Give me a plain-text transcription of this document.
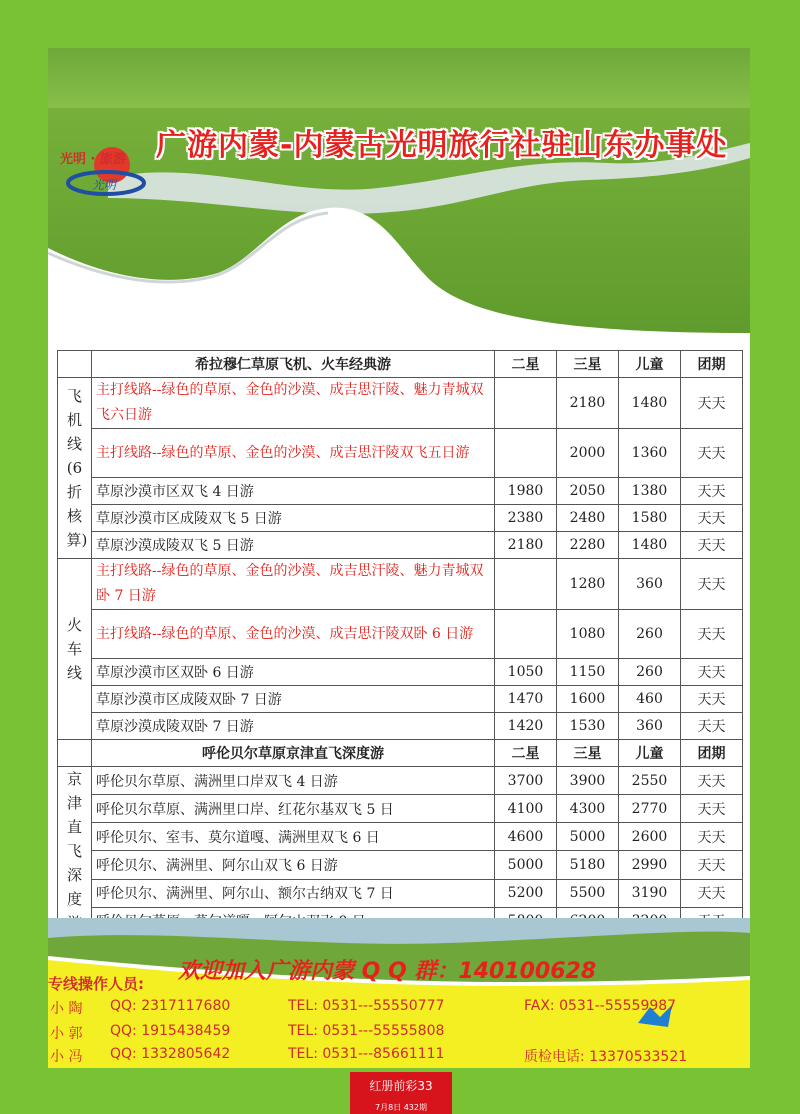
光明
光明 · 旅游 广游内蒙-内蒙古光明旅行社驻山东办事处
	希拉穆仁草原飞机、火车经典游	二星	三星	儿童	团期

飞机线(6折核算)	主打线路--绿色的草原、金色的沙漠、成吉思汗陵、魅力青城双飞六日游		2180	1480	天天
	主打线路--绿色的草原、金色的沙漠、成吉思汗陵双飞五日游		2000	1360	天天
	草原沙漠市区双飞 4 日游	1980	2050	1380	天天
	草原沙漠市区成陵双飞 5 日游	2380	2480	1580	天天
	草原沙漠成陵双飞 5 日游	2180	2280	1480	天天

火车线	主打线路--绿色的草原、金色的沙漠、成吉思汗陵、魅力青城双卧 7 日游		1280	360	天天
	主打线路--绿色的草原、金色的沙漠、成吉思汗陵双卧 6 日游		1080	260	天天
	草原沙漠市区双卧 6 日游	1050	1150	260	天天
	草原沙漠市区成陵双卧 7 日游	1470	1600	460	天天
	草原沙漠成陵双卧 7 日游	1420	1530	360	天天
	呼伦贝尔草原京津直飞深度游	二星	三星	儿童	团期

京津直飞深度	呼伦贝尔草原、满洲里口岸双飞 4 日游	3700	3900	2550	天天
	呼伦贝尔草原、满洲里口岸、红花尔基双飞 5 日	4100	4300	2770	天天
	呼伦贝尔、室韦、莫尔道嘎、满洲里双飞 6 日	4600	5000	2600	天天
	呼伦贝尔、满洲里、阿尔山双飞 6 日游	5000	5180	2990	天天
	呼伦贝尔、满洲里、阿尔山、额尔古纳双飞 7 日	5200	5500	3190	天天

欢迎加入广游内蒙 Q Q 群：140100628
专线操作人员:
小 陶 QQ: 2317117680	TEL: 0531---55550777	FAX: 0531--55559987
小 郭 QQ: 1915438459	TEL: 0531---55555808
小 冯 QQ: 1332805642	TEL: 0531---85661111	质检电话: 13370533521
红册前彩33
7月8日 432期
